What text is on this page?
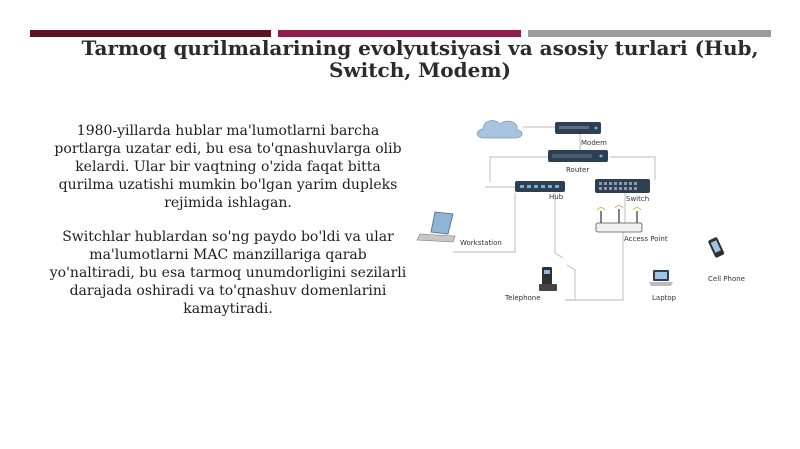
Tarmoq qurilmalarining evolyutsiyasi va asosiy turlari (Hub, Switch, Modem)

1980-yillarda hublar ma'lumotlarni barcha portlarga uzatar edi, bu esa to'qnashuvlarga olib kelardi. Ular bir vaqtning o'zida faqat bitta qurilma uzatishi mumkin bo'lgan yarim dupleks rejimida ishlagan.

Switchlar hublardan so'ng paydo bo'ldi va ular ma'lumotlarni MAC manzillariga qarab yo'naltiradi, bu esa tarmoq unumdorligini sezilarli darajada oshiradi va to'qnashuv domenlarini kamaytiradi.

Modem
Router
Hub	Switch
Access Point
Workstation
Telephone	Laptop
Cell Phone
